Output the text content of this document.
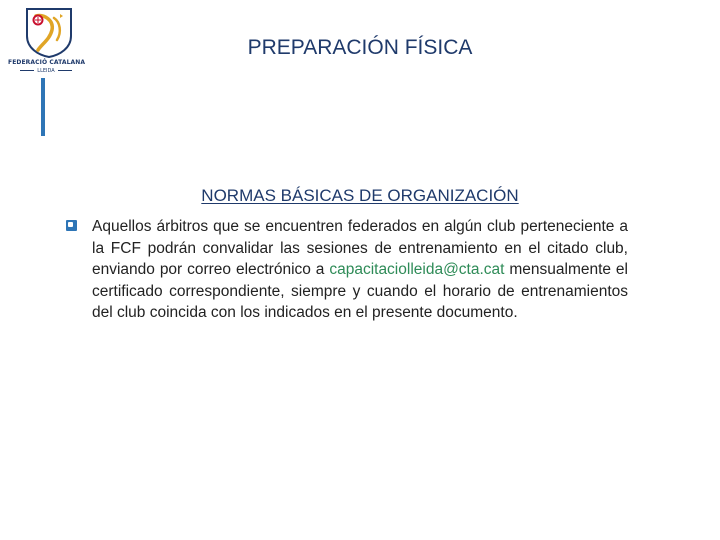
FEDERACIÓ CATALANA
LLEIDA
PREPARACIÓN FÍSICA
NORMAS BÁSICAS DE ORGANIZACIÓN

Aquellos árbitros que se encuentren federados en algún club perteneciente a la FCF podrán convalidar las sesiones de entrenamiento en el citado club, enviando por correo electrónico a capacitaciolleida@cta.cat mensualmente el certificado correspondiente, siempre y cuando el horario de entrenamientos del club coincida con los indicados en el presente documento.
